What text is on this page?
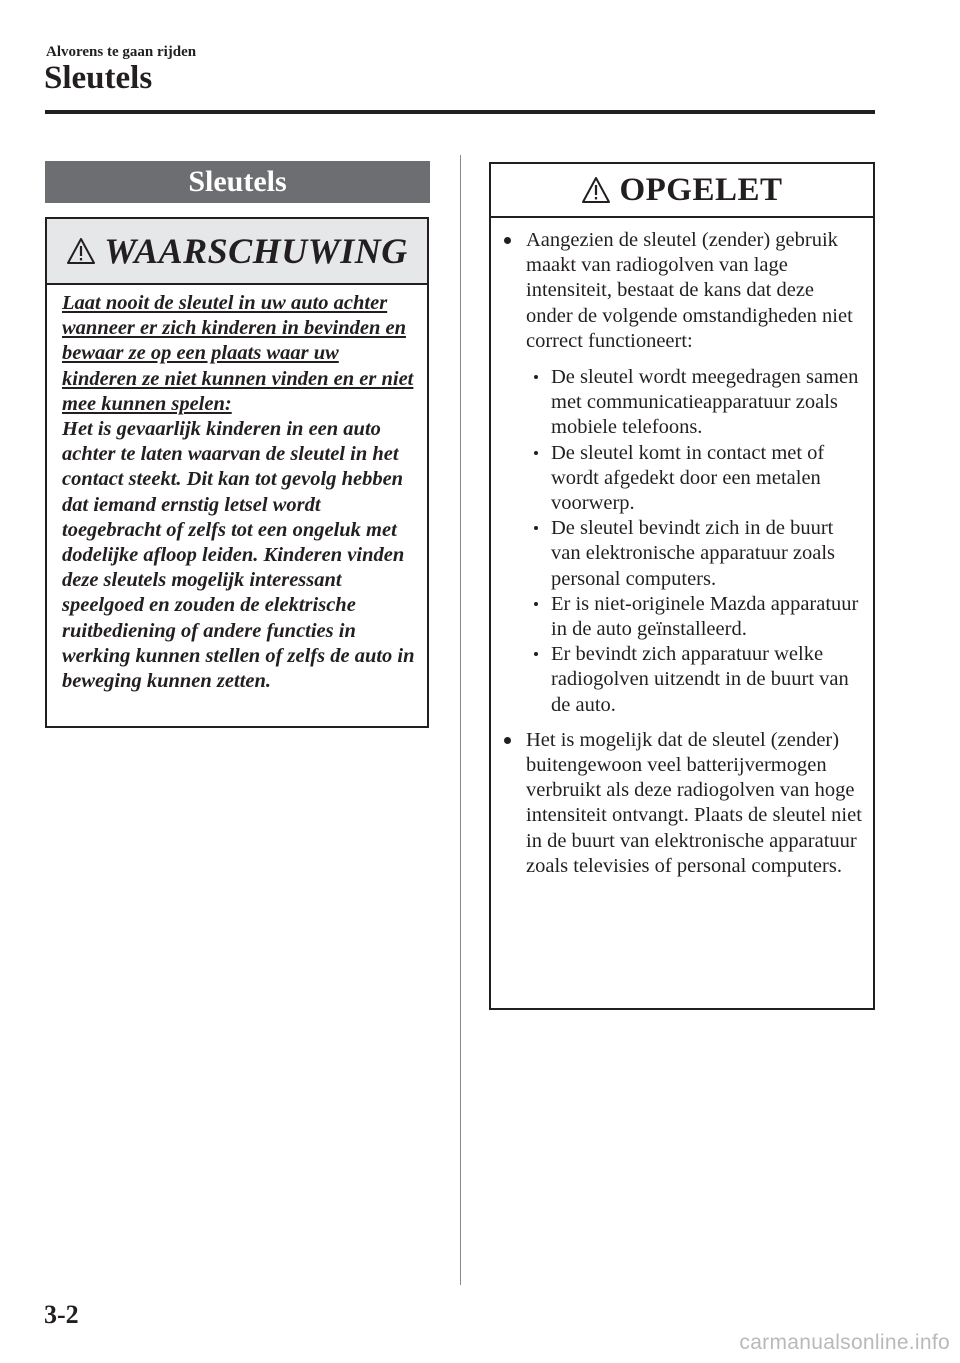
Alvorens te gaan rijden
Sleutels
Sleutels
WAARSCHUWING

Laat nooit de sleutel in uw auto achter wanneer er zich kinderen in bevinden en bewaar ze op een plaats waar uw kinderen ze niet kunnen vinden en er niet mee kunnen spelen:

Het is gevaarlijk kinderen in een auto achter te laten waarvan de sleutel in het contact steekt. Dit kan tot gevolg hebben dat iemand ernstig letsel wordt toegebracht of zelfs tot een ongeluk met dodelijke afloop leiden. Kinderen vinden deze sleutels mogelijk interessant speelgoed en zouden de elektrische ruitbediening of andere functies in werking kunnen stellen of zelfs de auto in beweging kunnen zetten.

OPGELET
Aangezien de sleutel (zender) gebruik maakt van radiogolven van lage intensiteit, bestaat de kans dat deze onder de volgende omstandigheden niet correct functioneert:
De sleutel wordt meegedragen samen met communicatieapparatuur zoals mobiele telefoons.
De sleutel komt in contact met of wordt afgedekt door een metalen voorwerp.
De sleutel bevindt zich in de buurt van elektronische apparatuur zoals personal computers.
Er is niet-originele Mazda apparatuur in de auto geïnstalleerd.
Er bevindt zich apparatuur welke radiogolven uitzendt in de buurt van de auto.
Het is mogelijk dat de sleutel (zender) buitengewoon veel batterijvermogen verbruikt als deze radiogolven van hoge intensiteit ontvangt. Plaats de sleutel niet in de buurt van elektronische apparatuur zoals televisies of personal computers.
3-2
carmanualsonline.info
